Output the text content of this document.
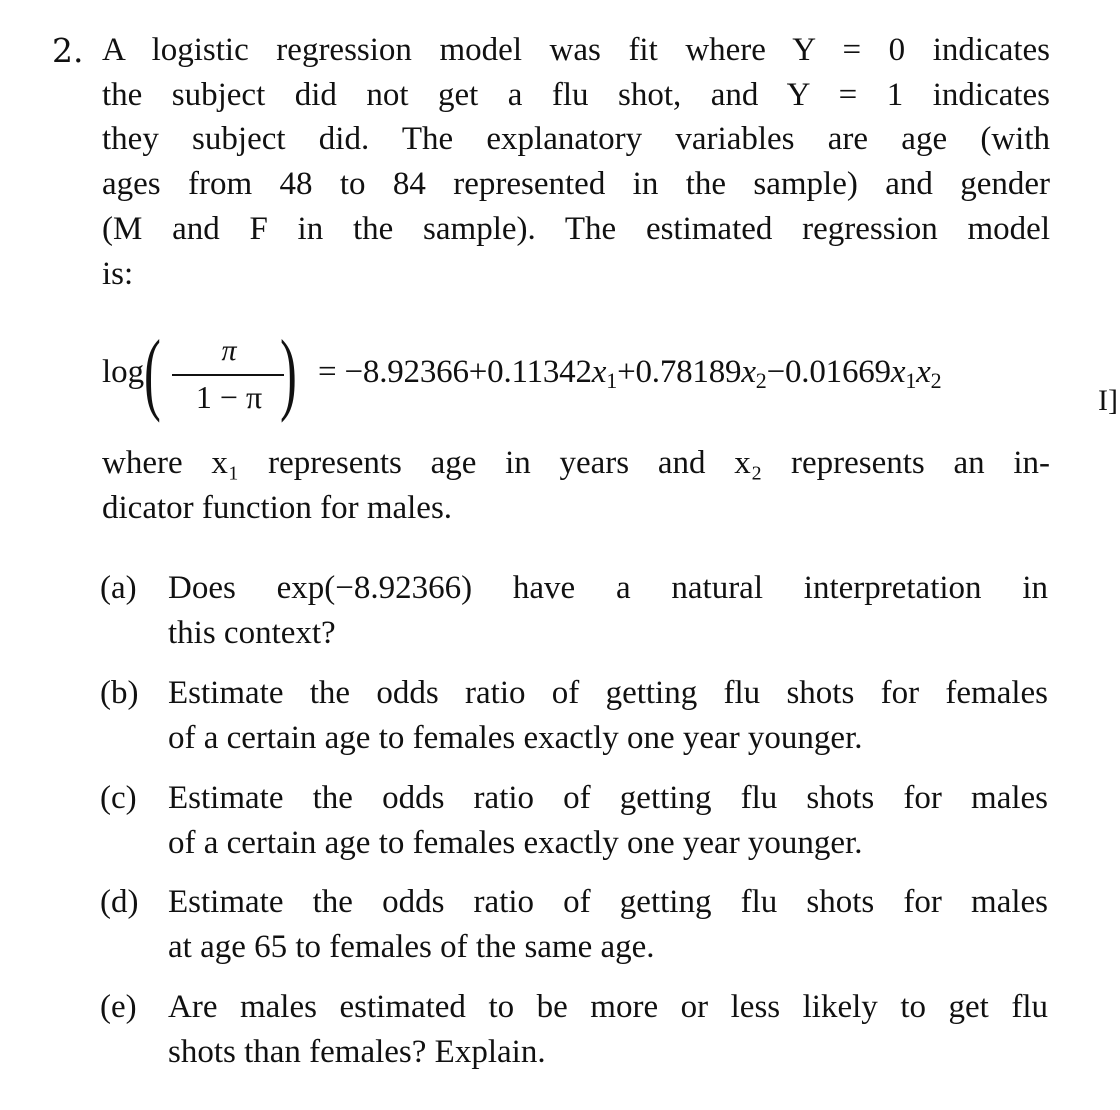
2. A logistic regression model was fit where Y = 0 indicates
the subject did not get a flu shot, and Y = 1 indicates
they subject did. The explanatory variables are age (with
ages from 48 to 84 represented in the sample) and gender
(M and F in the sample). The estimated regression model
is:
log (	π
1 − π ) = $-8.92366+0.11342x_1+0.78189x_2-0.01669x_1x_2$
I]
where x₁ represents age in years and x₂ represents an in-
dicator function for males.
(a) Does exp(−8.92366) have a natural interpretation in
this context?
(b) Estimate the odds ratio of getting flu shots for females
of a certain age to females exactly one year younger.
(c) Estimate the odds ratio of getting flu shots for males
of a certain age to females exactly one year younger.
(d) Estimate the odds ratio of getting flu shots for males
at age 65 to females of the same age.
(e) Are males estimated to be more or less likely to get flu
shots than females? Explain.
